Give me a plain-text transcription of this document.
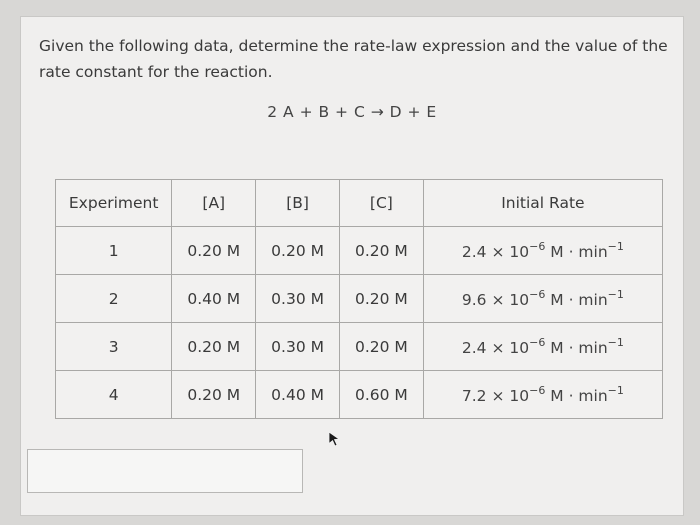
Given the following data, determine the rate-law expression and the value of the rate constant for the reaction.
2 A + B + C → D + E
Experiment	[A]	[B]	[C]	Initial Rate
1	0.20 M	0.20 M	0.20 M	$2.4 \times 10^{-6}$ $M \cdot \min^{-1}$
2	0.40 M	0.30 M	0.20 M	$9.6 \times 10^{-6}$ $M \cdot \min^{-1}$
3	0.20 M	0.30 M	0.20 M	$2.4 \times 10^{-6}$ $M \cdot \min^{-1}$
4	0.20 M	0.40 M	0.60 M	$7.2 \times 10^{-6}$ $M \cdot \min^{-1}$
